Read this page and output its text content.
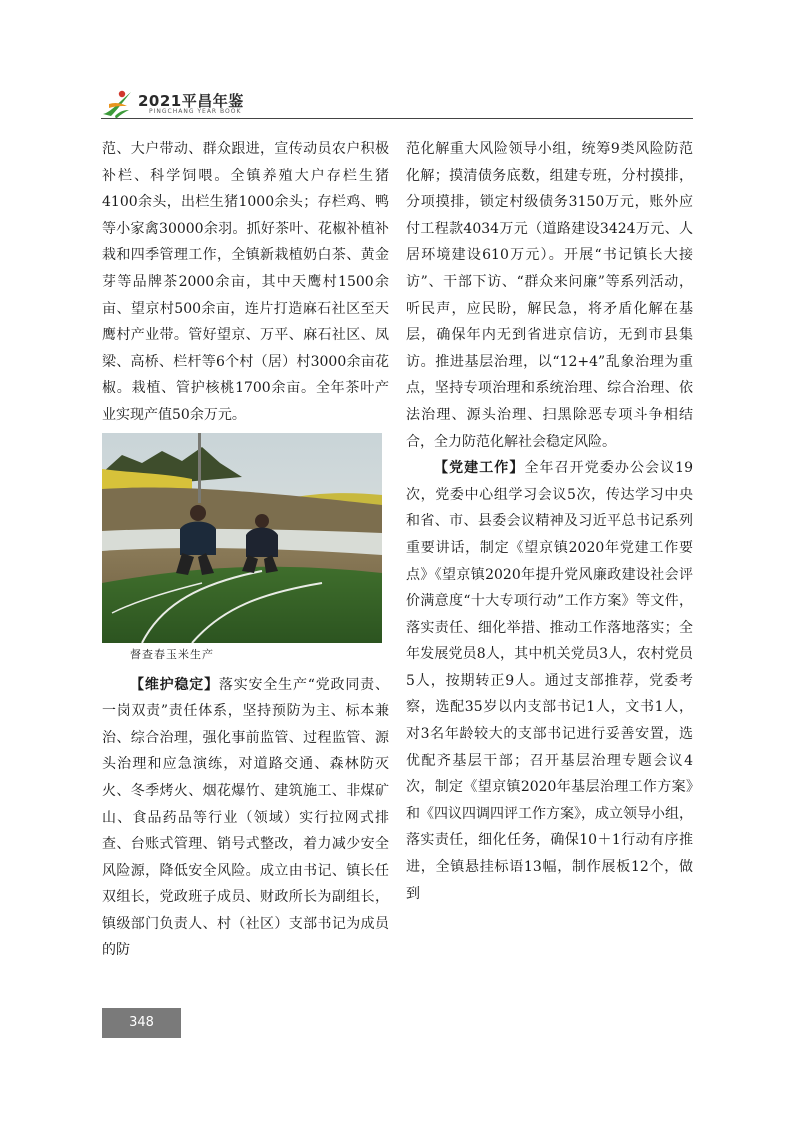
2021平昌年鉴
PINGCHANG YEAR BOOK

范、大户带动、群众跟进，宣传动员农户积极补栏、科学饲喂。全镇养殖大户存栏生猪4100余头，出栏生猪1000余头；存栏鸡、鸭等小家禽30000余羽。抓好茶叶、花椒补植补栽和四季管理工作，全镇新栽植奶白茶、黄金芽等品牌茶2000余亩，其中天鹰村1500余亩、望京村500余亩，连片打造麻石社区至天鹰村产业带。管好望京、万平、麻石社区、凤梁、高桥、栏杆等6个村（居）村3000余亩花椒。栽植、管护核桃1700余亩。全年茶叶产业实现产值50余万元。

督查春玉米生产

【维护稳定】落实安全生产“党政同责、一岗双责”责任体系，坚持预防为主、标本兼治、综合治理，强化事前监管、过程监管、源头治理和应急演练，对道路交通、森林防灭火、冬季烤火、烟花爆竹、建筑施工、非煤矿山、食品药品等行业（领域）实行拉网式排查、台账式管理、销号式整改，着力减少安全风险源，降低安全风险。成立由书记、镇长任双组长，党政班子成员、财政所长为副组长，镇级部门负责人、村（社区）支部书记为成员的防

范化解重大风险领导小组，统筹9类风险防范化解；摸清债务底数，组建专班，分村摸排，分项摸排，锁定村级债务3150万元，账外应付工程款4034万元（道路建设3424万元、人居环境建设610万元）。开展“书记镇长大接访”、干部下访、“群众来问廉”等系列活动，听民声，应民盼，解民急，将矛盾化解在基层，确保年内无到省进京信访，无到市县集访。推进基层治理，以“12+4”乱象治理为重点，坚持专项治理和系统治理、综合治理、依法治理、源头治理、扫黑除恶专项斗争相结合，全力防范化解社会稳定风险。

【党建工作】全年召开党委办公会议19次，党委中心组学习会议5次，传达学习中央和省、市、县委会议精神及习近平总书记系列重要讲话，制定《望京镇2020年党建工作要点》《望京镇2020年提升党风廉政建设社会评价满意度“十大专项行动”工作方案》等文件，落实责任、细化举措、推动工作落地落实；全年发展党员8人，其中机关党员3人，农村党员5人，按期转正9人。通过支部推荐，党委考察，选配35岁以内支部书记1人，文书1人，对3名年龄较大的支部书记进行妥善安置，选优配齐基层干部；召开基层治理专题会议4次，制定《望京镇2020年基层治理工作方案》和《四议四调四评工作方案》，成立领导小组，落实责任，细化任务，确保10＋1行动有序推进，全镇悬挂标语13幅，制作展板12个，做到

348
